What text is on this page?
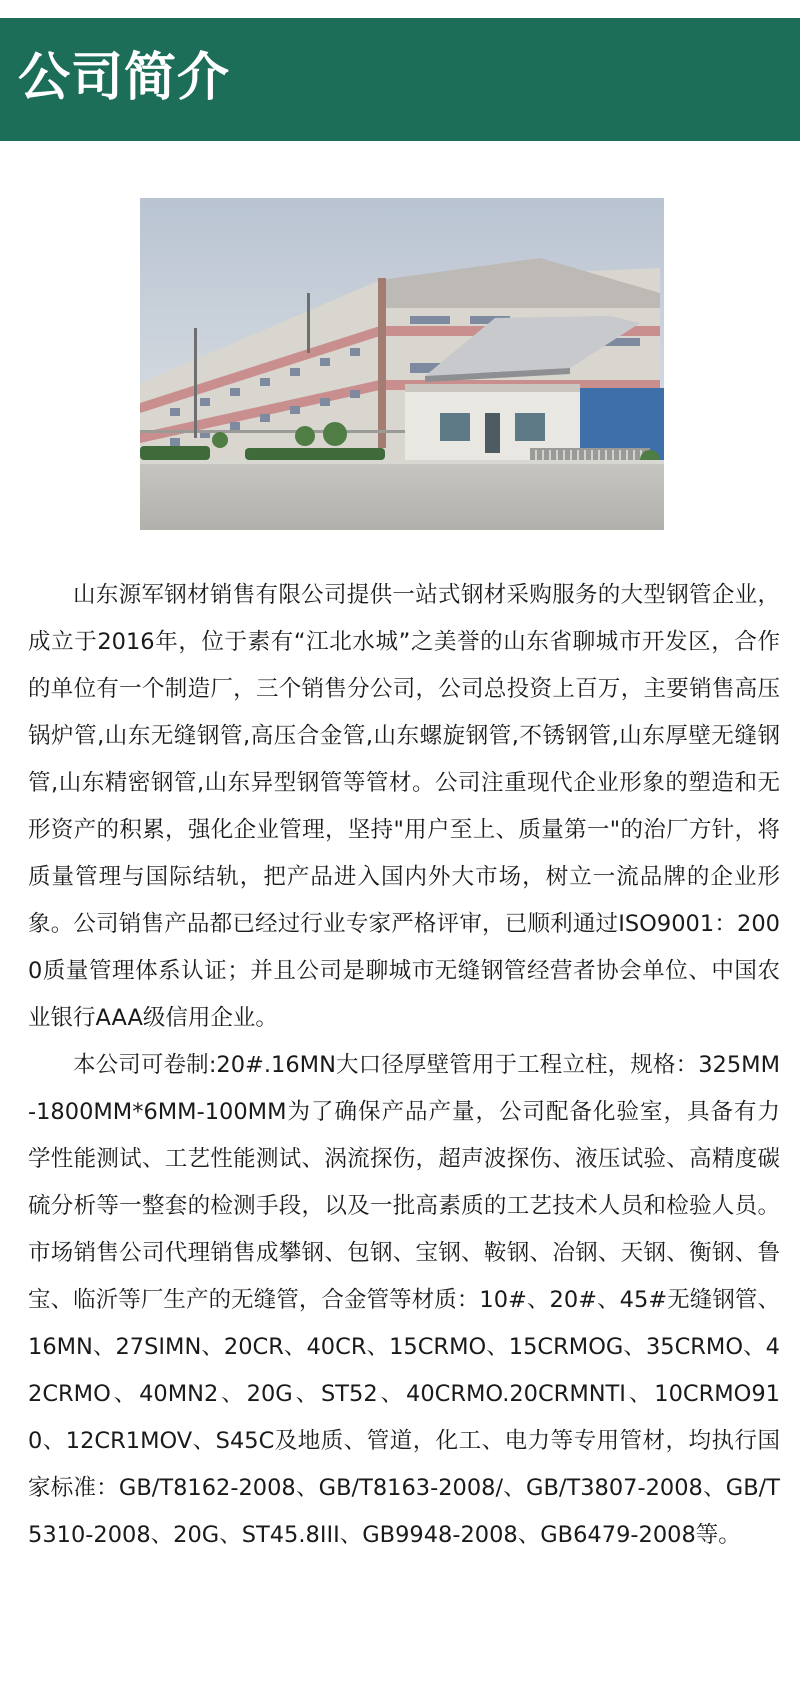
公司简介

山东源军钢材销售有限公司提供一站式钢材采购服务的大型钢管企业，成立于2016年，位于素有“江北水城”之美誉的山东省聊城市开发区，合作的单位有一个制造厂，三个销售分公司，公司总投资上百万，主要销售高压锅炉管,山东无缝钢管,高压合金管,山东螺旋钢管,不锈钢管,山东厚壁无缝钢管,山东精密钢管,山东异型钢管等管材。公司注重现代企业形象的塑造和无形资产的积累，强化企业管理，坚持"用户至上、质量第一"的治厂方针，将质量管理与国际结轨，把产品进入国内外大市场，树立一流品牌的企业形象。公司销售产品都已经过行业专家严格评审，已顺利通过ISO9001：2000质量管理体系认证；并且公司是聊城市无缝钢管经营者协会单位、中国农业银行AAA级信用企业。

本公司可卷制:20#.16MN大口径厚壁管用于工程立柱，规格：325MM-1800MM*6MM-100MM为了确保产品产量，公司配备化验室，具备有力学性能测试、工艺性能测试、涡流探伤，超声波探伤、液压试验、高精度碳硫分析等一整套的检测手段，以及一批高素质的工艺技术人员和检验人员。市场销售公司代理销售成攀钢、包钢、宝钢、鞍钢、冶钢、天钢、衡钢、鲁宝、临沂等厂生产的无缝管，合金管等材质：10#、20#、45#无缝钢管、16MN、27SIMN、20CR、40CR、15CRMO、15CRMOG、35CRMO、42CRMO、40MN2、20G、ST52、40CRMO.20CRMNTI、10CRMO910、12CR1MOV、S45C及地质、管道，化工、电力等专用管材，均执行国家标准：GB/T8162-2008、GB/T8163-2008/、GB/T3807-2008、GB/T5310-2008、20G、ST45.8III、GB9948-2008、GB6479-2008等。
